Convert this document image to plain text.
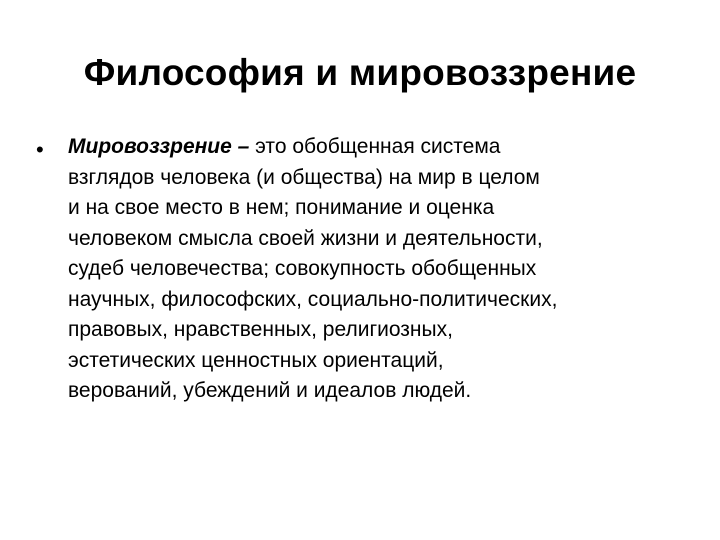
Философия и мировоззрение
• Мировоззрение – это обобщенная система
взглядов человека (и общества) на мир в целом
и на свое место в нем; понимание и оценка
человеком смысла своей жизни и деятельности,
судеб человечества; совокупность обобщенных
научных, философских, социально-политических,
правовых, нравственных, религиозных,
эстетических ценностных ориентаций,
верований, убеждений и идеалов людей.
